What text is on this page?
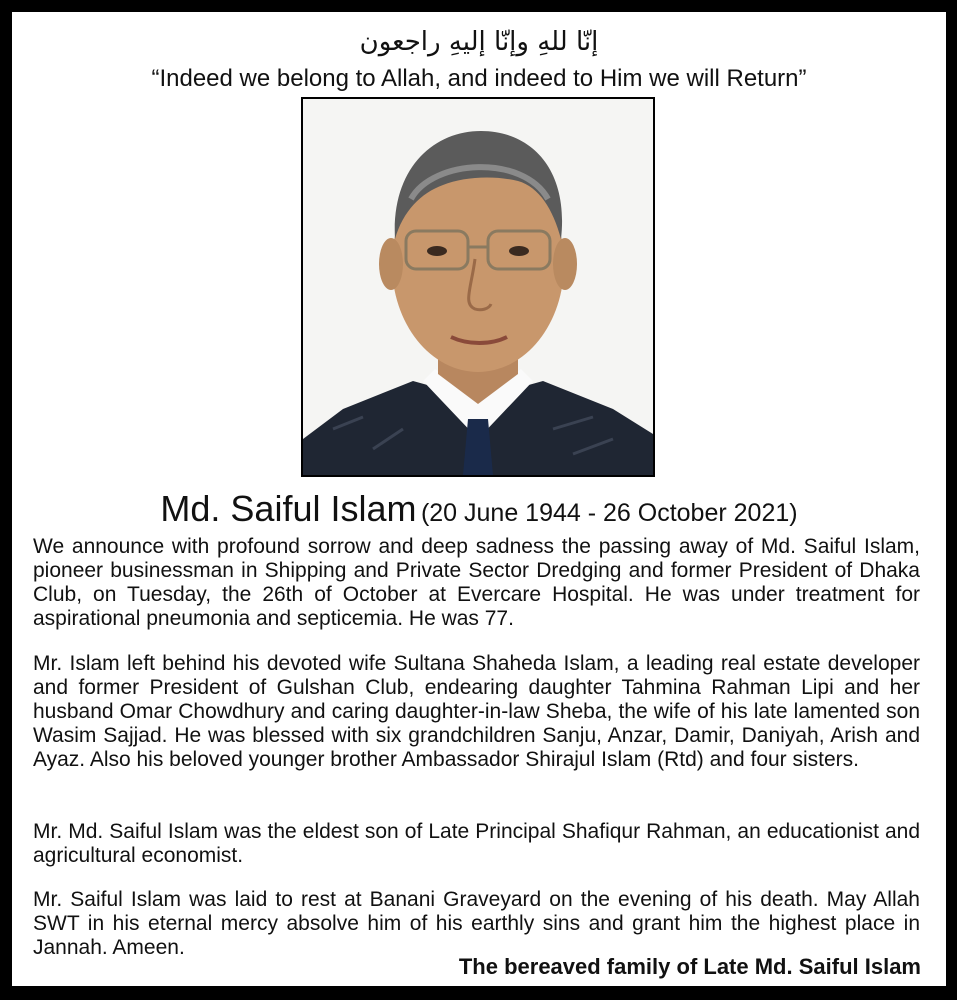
إنّا للهِ وإنّا إليهِ راجعون
“Indeed we belong to Allah, and indeed to Him we will Return”
Md. Saiful Islam (20 June 1944 - 26 October 2021)

We announce with profound sorrow and deep sadness the passing away of Md. Saiful Islam, pioneer businessman in Shipping and Private Sector Dredging and former President of Dhaka Club, on Tuesday, the 26th of October at Evercare Hospital. He was under treatment for aspirational pneumonia and septicemia. He was 77.

Mr. Islam left behind his devoted wife Sultana Shaheda Islam, a leading real estate developer and former President of Gulshan Club, endearing daughter Tahmina Rahman Lipi and her husband Omar Chowdhury and caring daughter-in-law Sheba, the wife of his late lamented son Wasim Sajjad. He was blessed with six grandchildren Sanju, Anzar, Damir, Daniyah, Arish and Ayaz. Also his beloved younger brother Ambassador Shirajul Islam (Rtd) and four sisters.

Mr. Md. Saiful Islam was the eldest son of Late Principal Shafiqur Rahman, an educationist and agricultural economist.

Mr. Saiful Islam was laid to rest at Banani Graveyard on the evening of his death. May Allah SWT in his eternal mercy absolve him of his earthly sins and grant him the highest place in Jannah. Ameen.

The bereaved family of Late Md. Saiful Islam
